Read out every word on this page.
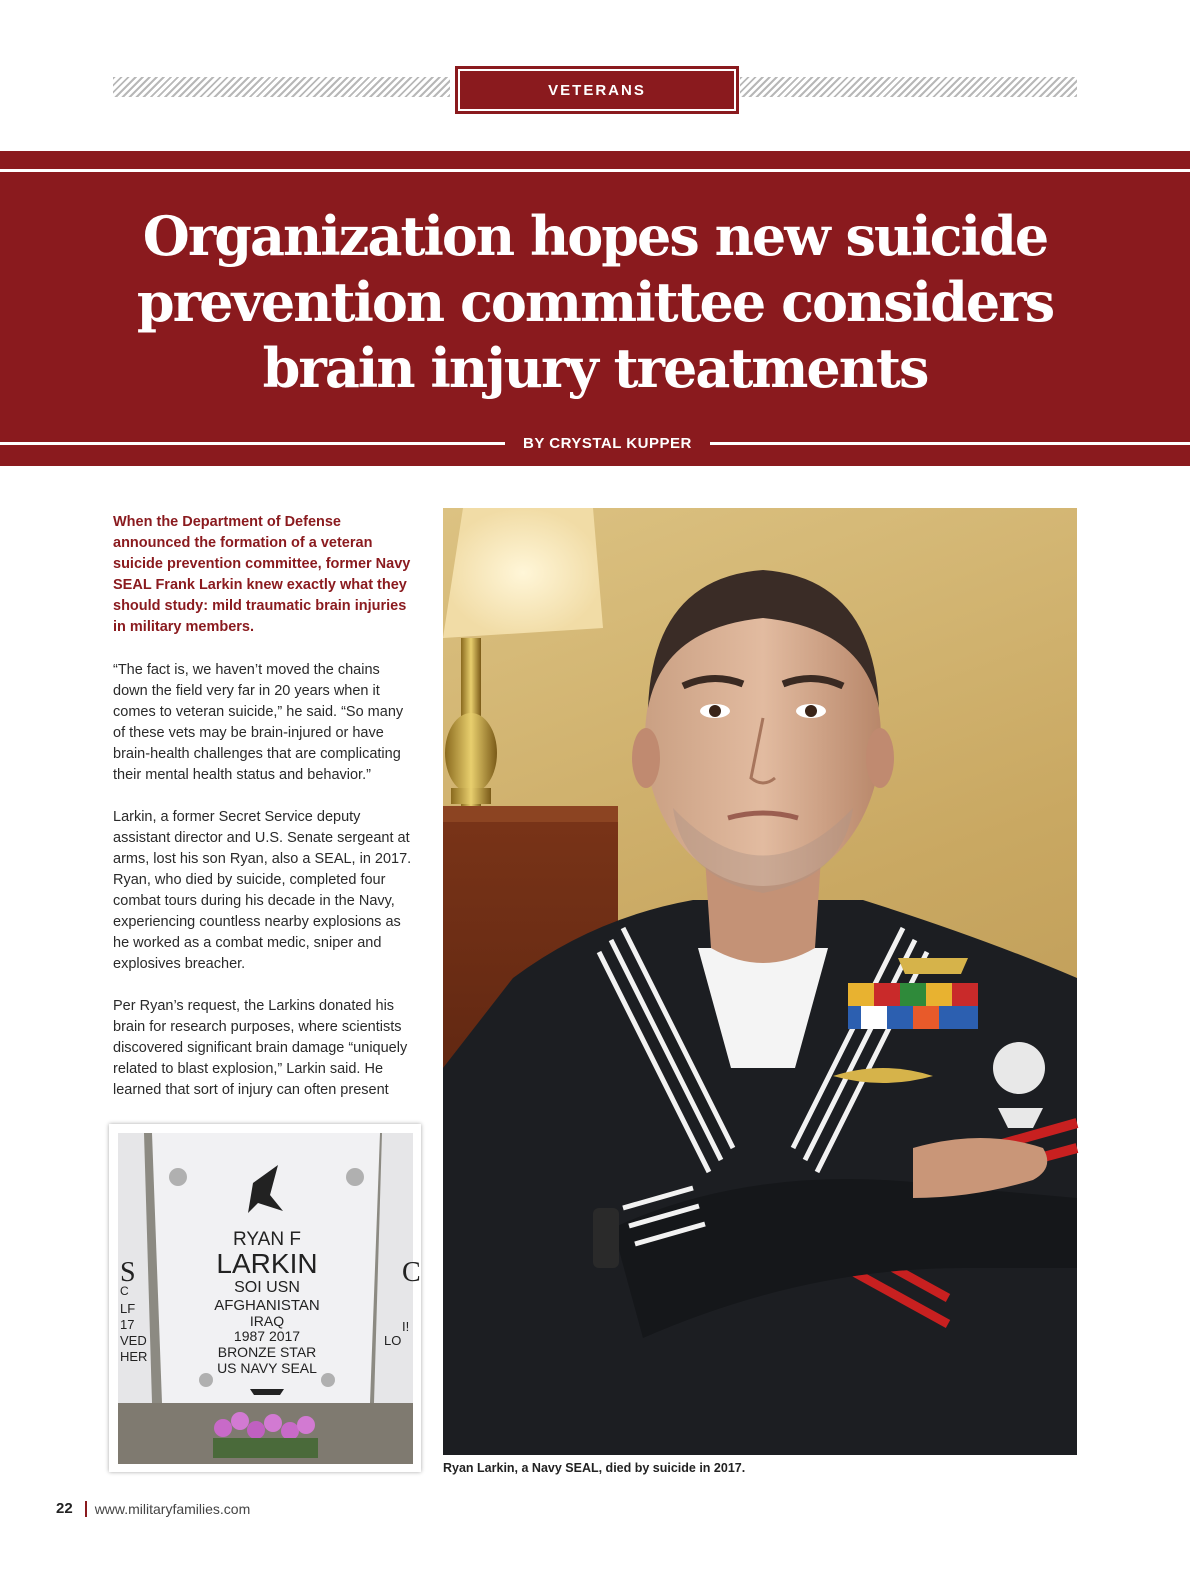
VETERANS
Organization hopes new suicide prevention committee considers brain injury treatments
BY CRYSTAL KUPPER

When the Department of Defense announced the formation of a veteran suicide prevention committee, former Navy SEAL Frank Larkin knew exactly what they should study: mild traumatic brain injuries in military members.

“The fact is, we haven’t moved the chains down the field very far in 20 years when it comes to veteran suicide,” he said. “So many of these vets may be brain-injured or have brain-health challenges that are complicating their mental health status and behavior.”

Larkin, a former Secret Service deputy assistant director and U.S. Senate sergeant at arms, lost his son Ryan, also a SEAL, in 2017. Ryan, who died by suicide, completed four combat tours during his decade in the Navy, experiencing countless nearby explosions as he worked as a combat medic, sniper and explosives breacher.

Per Ryan’s request, the Larkins donated his brain for research purposes, where scientists discovered significant brain damage “uniquely related to blast explosion,” Larkin said. He learned that sort of injury can often present

Ryan Larkin, a Navy SEAL, died by suicide in 2017.

S
C
LF
17
VED
HER
RYAN F
LARKIN
SOI USN
AFGHANISTAN
IRAQ
1987 2017
BRONZE STAR
US NAVY SEAL
C
I!
LO
22 www.militaryfamilies.com
